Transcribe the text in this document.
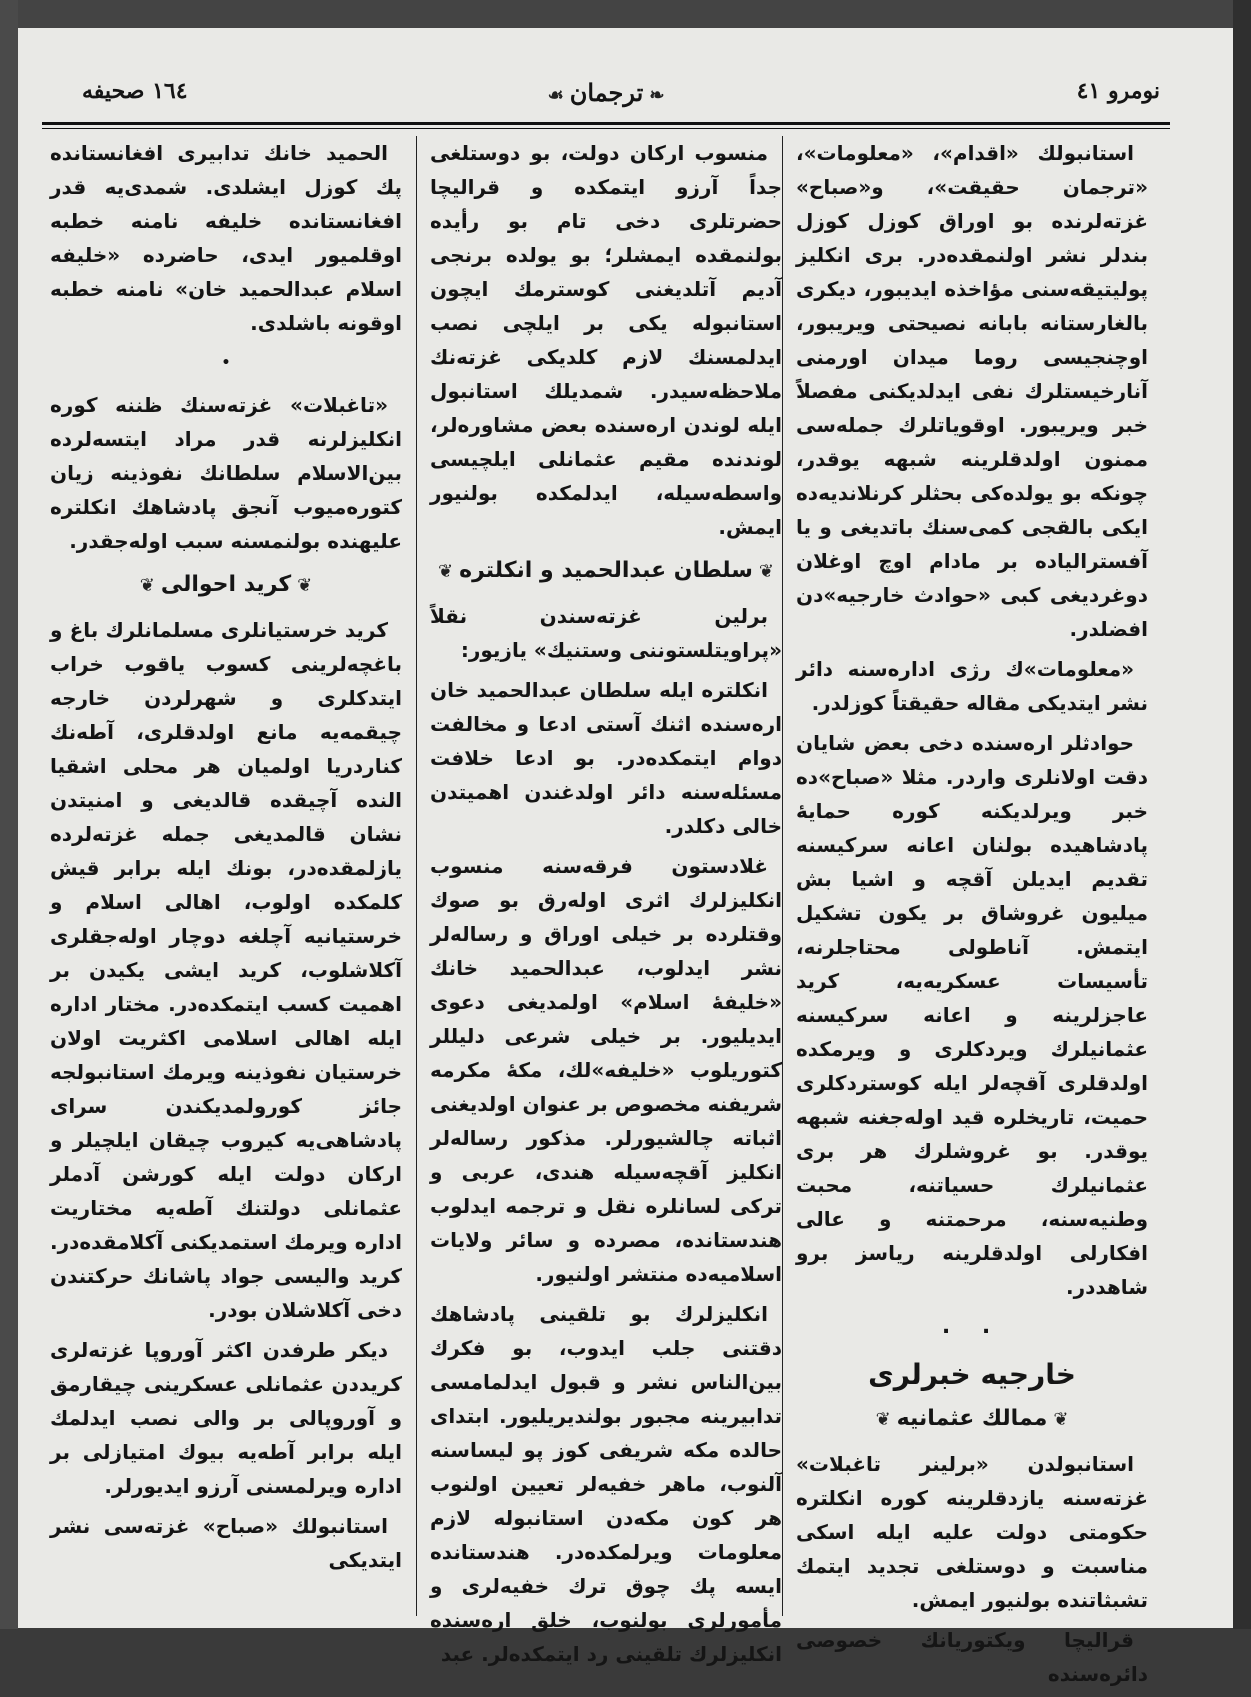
نومرو ٤١
❧ترجمان☙
١٦٤ صحيفه

استانبولك «اقدام»، «معلومات»، «ترجمان حقيقت»، و«صباح» غزته‌لرنده بو اوراق كوزل كوزل بندلر نشر اولنمقده‌در. برى انكليز پوليتيقه‌سنى مؤاخذه ايديبور، ديكرى بالغارستانه بابانه نصيحتى ويريبور، اوچنجيسى روما ميدان اورمنى آنارخيستلرك نفى ايدلديكنى مفصلاً خبر ويريبور. اوقوياتلرك جمله‌سى ممنون اولدقلرينه شبهه يوقدر، چونكه بو يولده‌كى بحثلر كرنلانديه‌ده ايكى بالقجى كمى‌سنك باتديغى و يا آفستراليا‌ده بر مادام اوچ اوغلان دوغرديغى كبى «حوادث خارجيه»دن افضلدر.

«معلومات»ك رژى اداره‌سنه دائر نشر ايتديكى مقاله حقيقتاً كوزلدر.

حوادثلر اره‌سنده دخى بعض شايان دقت اولانلرى واردر. مثلا «صباح»ده خبر ويرلديكنه كوره حمايهٔ پادشاهيده بولنان اعانه سركيسنه تقديم ايديلن آقچه و اشيا بش ميليون غروشاق بر يكون تشكيل ايتمش. آناطولى محتاجلرنه، تأسيسات عسكريه‌يه، كريد عاجزلرينه و اعانه سركيسنه عثمانيلرك ويردكلرى و ويرمكده اولدقلرى آقچه‌لر ايله كوستردكلرى حميت، تاريخلره قيد اوله‌جغنه شبهه يوقدر. بو غروشلرك هر برى عثمانيلرك حسياتنه، محبت وطنيه‌سنه، مرحمتنه و عالى افكارلى اولدقلرينه رياسز برو شاهددر.

. .
خارجيه خبرلرى
❦ممالك عثمانيه❦

استانبولدن «برلينر تاغبلات» غزته‌سنه يازدقلرينه كوره انكلتره حكومتى دولت عليه ايله اسكى مناسبت و دوستلغى تجديد ايتمك تشبثاتنده بولنيور ايمش.

قراليچا ويكتوريانك خصوصى دائره‌سنده

منسوب اركان دولت، بو دوستلغى جداً آرزو ايتمكده و قراليچا حضرتلرى دخى تام بو رأيده بولنمقده ايمشلر؛ بو يولده برنجى آديم آتلديغنى كوسترمك ايچون استانبوله يكى بر ايلچى نصب ايدلمسنك لازم كلديكى غزته‌نك ملاحظه‌سيدر. شمديلك استانبول ايله لوندن اره‌سنده بعض مشاوره‌لر، لوندنده مقيم عثمانلى ايلچيسى واسطه‌سيله، ايدلمكده بولنيور ايمش.

❦سلطان عبدالحميد و انكلتره❦

برلين غزته‌سندن نقلاً «پراويتلستوننى وستنيك» يازيور:

انكلتره ايله سلطان عبدالحميد خان اره‌سنده اثنك آستى ادعا و مخالفت دوام ايتمكده‌در. بو ادعا خلافت مسئله‌سنه دائر اولدغندن اهميتدن خالى دكلدر.

غلادستون فرقه‌سنه منسوب انكليزلرك اثرى اوله‌رق بو صوك وقتلرده بر خيلى اوراق و رساله‌لر نشر ايدلوب، عبدالحميد خانك «خليفهٔ اسلام» اولمديغى دعوى ايديليور. بر خيلى شرعى دليللر كتوريلوب «خليفه»لك، مكهٔ مكرمه شريفنه مخصوص بر عنوان اولديغنى اثباته چالشيورلر. مذكور رساله‌لر انكليز آقچه‌سيله هندى، عربى و تركى لسانلره نقل و ترجمه ايدلوب هندستانده، مصرده و سائر ولايات اسلاميه‌ده منتشر اولنيور.

انكليزلرك بو تلقينى پادشاهك دقتنى جلب ايدوب، بو فكرك بين‌الناس نشر و قبول ايدلمامسى تدابيرينه مجبور بولنديريليور. ابتداى حالده مكه شريفى كوز پو ليساسنه آلنوب، ماهر خفيه‌لر تعيين اولنوب هر كون مكه‌دن استانبوله لازم معلومات ويرلمكده‌در. هندستانده ايسه پك چوق ترك خفيه‌لرى و مأمورلرى بولنوب، خلق اره‌سنده انكليزلرك تلقينى رد ايتمكده‌لر. عبد

الحميد خانك تدابيرى افغانستانده پك كوزل ايشلدى. شمدى‌يه قدر افغانستانده خليفه نامنه خطبه اوقلميور ايدى، حاضرده «خليفه اسلام عبدالحميد خان» نامنه خطبه اوقونه باشلدى.

•

«تاغبلات» غزته‌سنك ظننه كوره انكليزلرنه قدر مراد ايتسه‌لرده بين‌الاسلام سلطانك نفوذينه زيان كتوره‌ميوب آنجق پادشاهك انكلتره عليهنده بولنمسنه سبب اوله‌جقدر.

❦كريد احوالى❦

كريد خرستيانلرى مسلمانلرك باغ و باغچه‌لرينى كسوب ياقوب خراب ايتدكلرى و شهرلردن خارجه چيقمه‌يه مانع اولدقلرى، آطه‌نك كناردريا اولميان هر محلى اشقيا النده آچيقده قالديغى و امنيتدن نشان قالمديغى جمله غزته‌لرده يازلمقده‌در، بونك ايله برابر قيش كلمكده اولوب، اهالى اسلام و خرستيانيه آچلغه دوچار اوله‌جقلرى آكلاشلوب، كريد ايشى يكيدن بر اهميت كسب ايتمكده‌در. مختار اداره ايله اهالى اسلامى اكثريت اولان خرستيان نفوذينه ويرمك استانبولجه جائز كورولمديكندن سراى پادشاهى‌يه كيروب چيقان ايلچيلر و اركان دولت ايله كورشن آدملر عثمانلى دولتنك آطه‌يه مختاريت اداره ويرمك استمديكنى آكلامقده‌در. كريد واليسى جواد پاشانك حركتندن دخى آكلاشلان بودر.

ديكر طرفدن اكثر آوروپا غزته‌لرى كريددن عثمانلى عسكرينى چيقارمق و آوروپالى بر والى نصب ايدلمك ايله برابر آطه‌يه بيوك امتيازلى بر اداره ويرلمسنى آرزو ايديورلر.

استانبولك «صباح» غزته‌سى نشر ايتديكى
